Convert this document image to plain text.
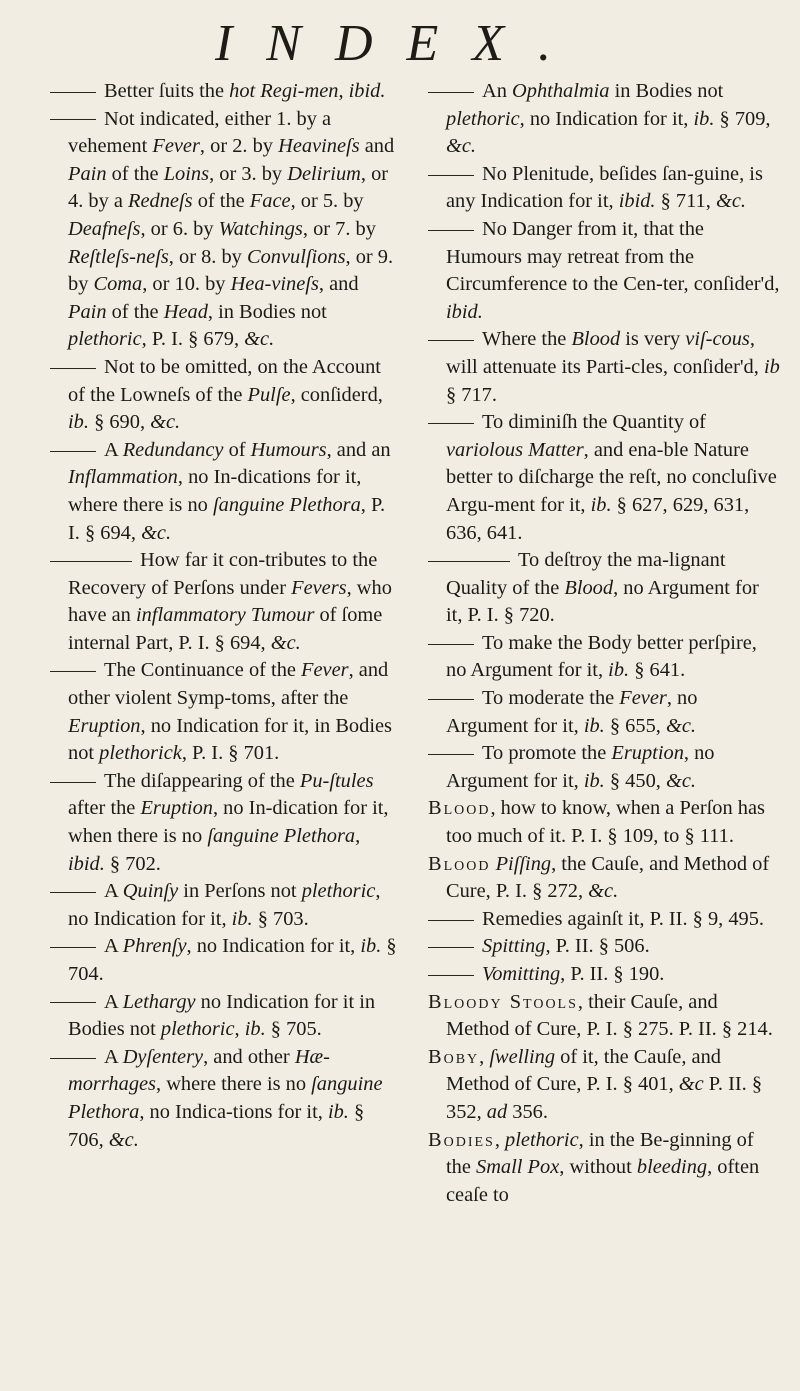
INDEX.
Better ſuits the hot Regi-men, ibid.
Not indicated, either 1. by a vehement Fever, or 2. by Heavineſs and Pain of the Loins, or 3. by Delirium, or 4. by a Redneſs of the Face, or 5. by Deafneſs, or 6. by Watchings, or 7. by Reſtleſs-neſs, or 8. by Convulſions, or 9. by Coma, or 10. by Hea-vineſs, and Pain of the Head, in Bodies not plethoric, P. I. § 679, &c.
Not to be omitted, on the Account of the Lowneſs of the Pulſe, conſiderd, ib. § 690, &c.
A Redundancy of Humours, and an Inflammation, no In-dications for it, where there is no ſanguine Plethora, P. I. § 694, &c.
How far it con-tributes to the Recovery of Perſons under Fevers, who have an inflammatory Tumour of ſome internal Part, P. I. § 694, &c.
The Continuance of the Fever, and other violent Symp-toms, after the Eruption, no Indication for it, in Bodies not plethorick, P. I. § 701.
The diſappearing of the Pu-ſtules after the Eruption, no In-dication for it, when there is no ſanguine Plethora, ibid. § 702.
A Quinſy in Perſons not plethoric, no Indication for it, ib. § 703.
A Phrenſy, no Indication for it, ib. § 704.
A Lethargy no Indication for it in Bodies not plethoric, ib. § 705.
A Dyſentery, and other Hæ-morrhages, where there is no ſanguine Plethora, no Indica-tions for it, ib. § 706, &c.
An Ophthalmia in Bodies not plethoric, no Indication for it, ib. § 709, &c.
No Plenitude, beſides ſan-guine, is any Indication for it, ibid. § 711, &c.
No Danger from it, that the Humours may retreat from the Circumference to the Cen-ter, conſider'd, ibid.
Where the Blood is very viſ-cous, will attenuate its Parti-cles, conſider'd, ib § 717.
To diminiſh the Quantity of variolous Matter, and ena-ble Nature better to diſcharge the reſt, no concluſive Argu-ment for it, ib. § 627, 629, 631, 636, 641.
To deſtroy the ma-lignant Quality of the Blood, no Argument for it, P. I. § 720.
To make the Body better perſpire, no Argument for it, ib. § 641.
To moderate the Fever, no Argument for it, ib. § 655, &c.
To promote the Eruption, no Argument for it, ib. § 450, &c.
Blood, how to know, when a Perſon has too much of it. P. I. § 109, to § 111.
Blood Piſſing, the Cauſe, and Method of Cure, P. I. § 272, &c.
Remedies againſt it, P. II. § 9, 495.
Spitting, P. II. § 506.
Vomitting, P. II. § 190.
Bloody Stools, their Cauſe, and Method of Cure, P. I. § 275. P. II. § 214.
Boby, ſwelling of it, the Cauſe, and Method of Cure, P. I. § 401, &c P. II. § 352, ad 356.
Bodies, plethoric, in the Be-ginning of the Small Pox, without bleeding, often ceaſe to
